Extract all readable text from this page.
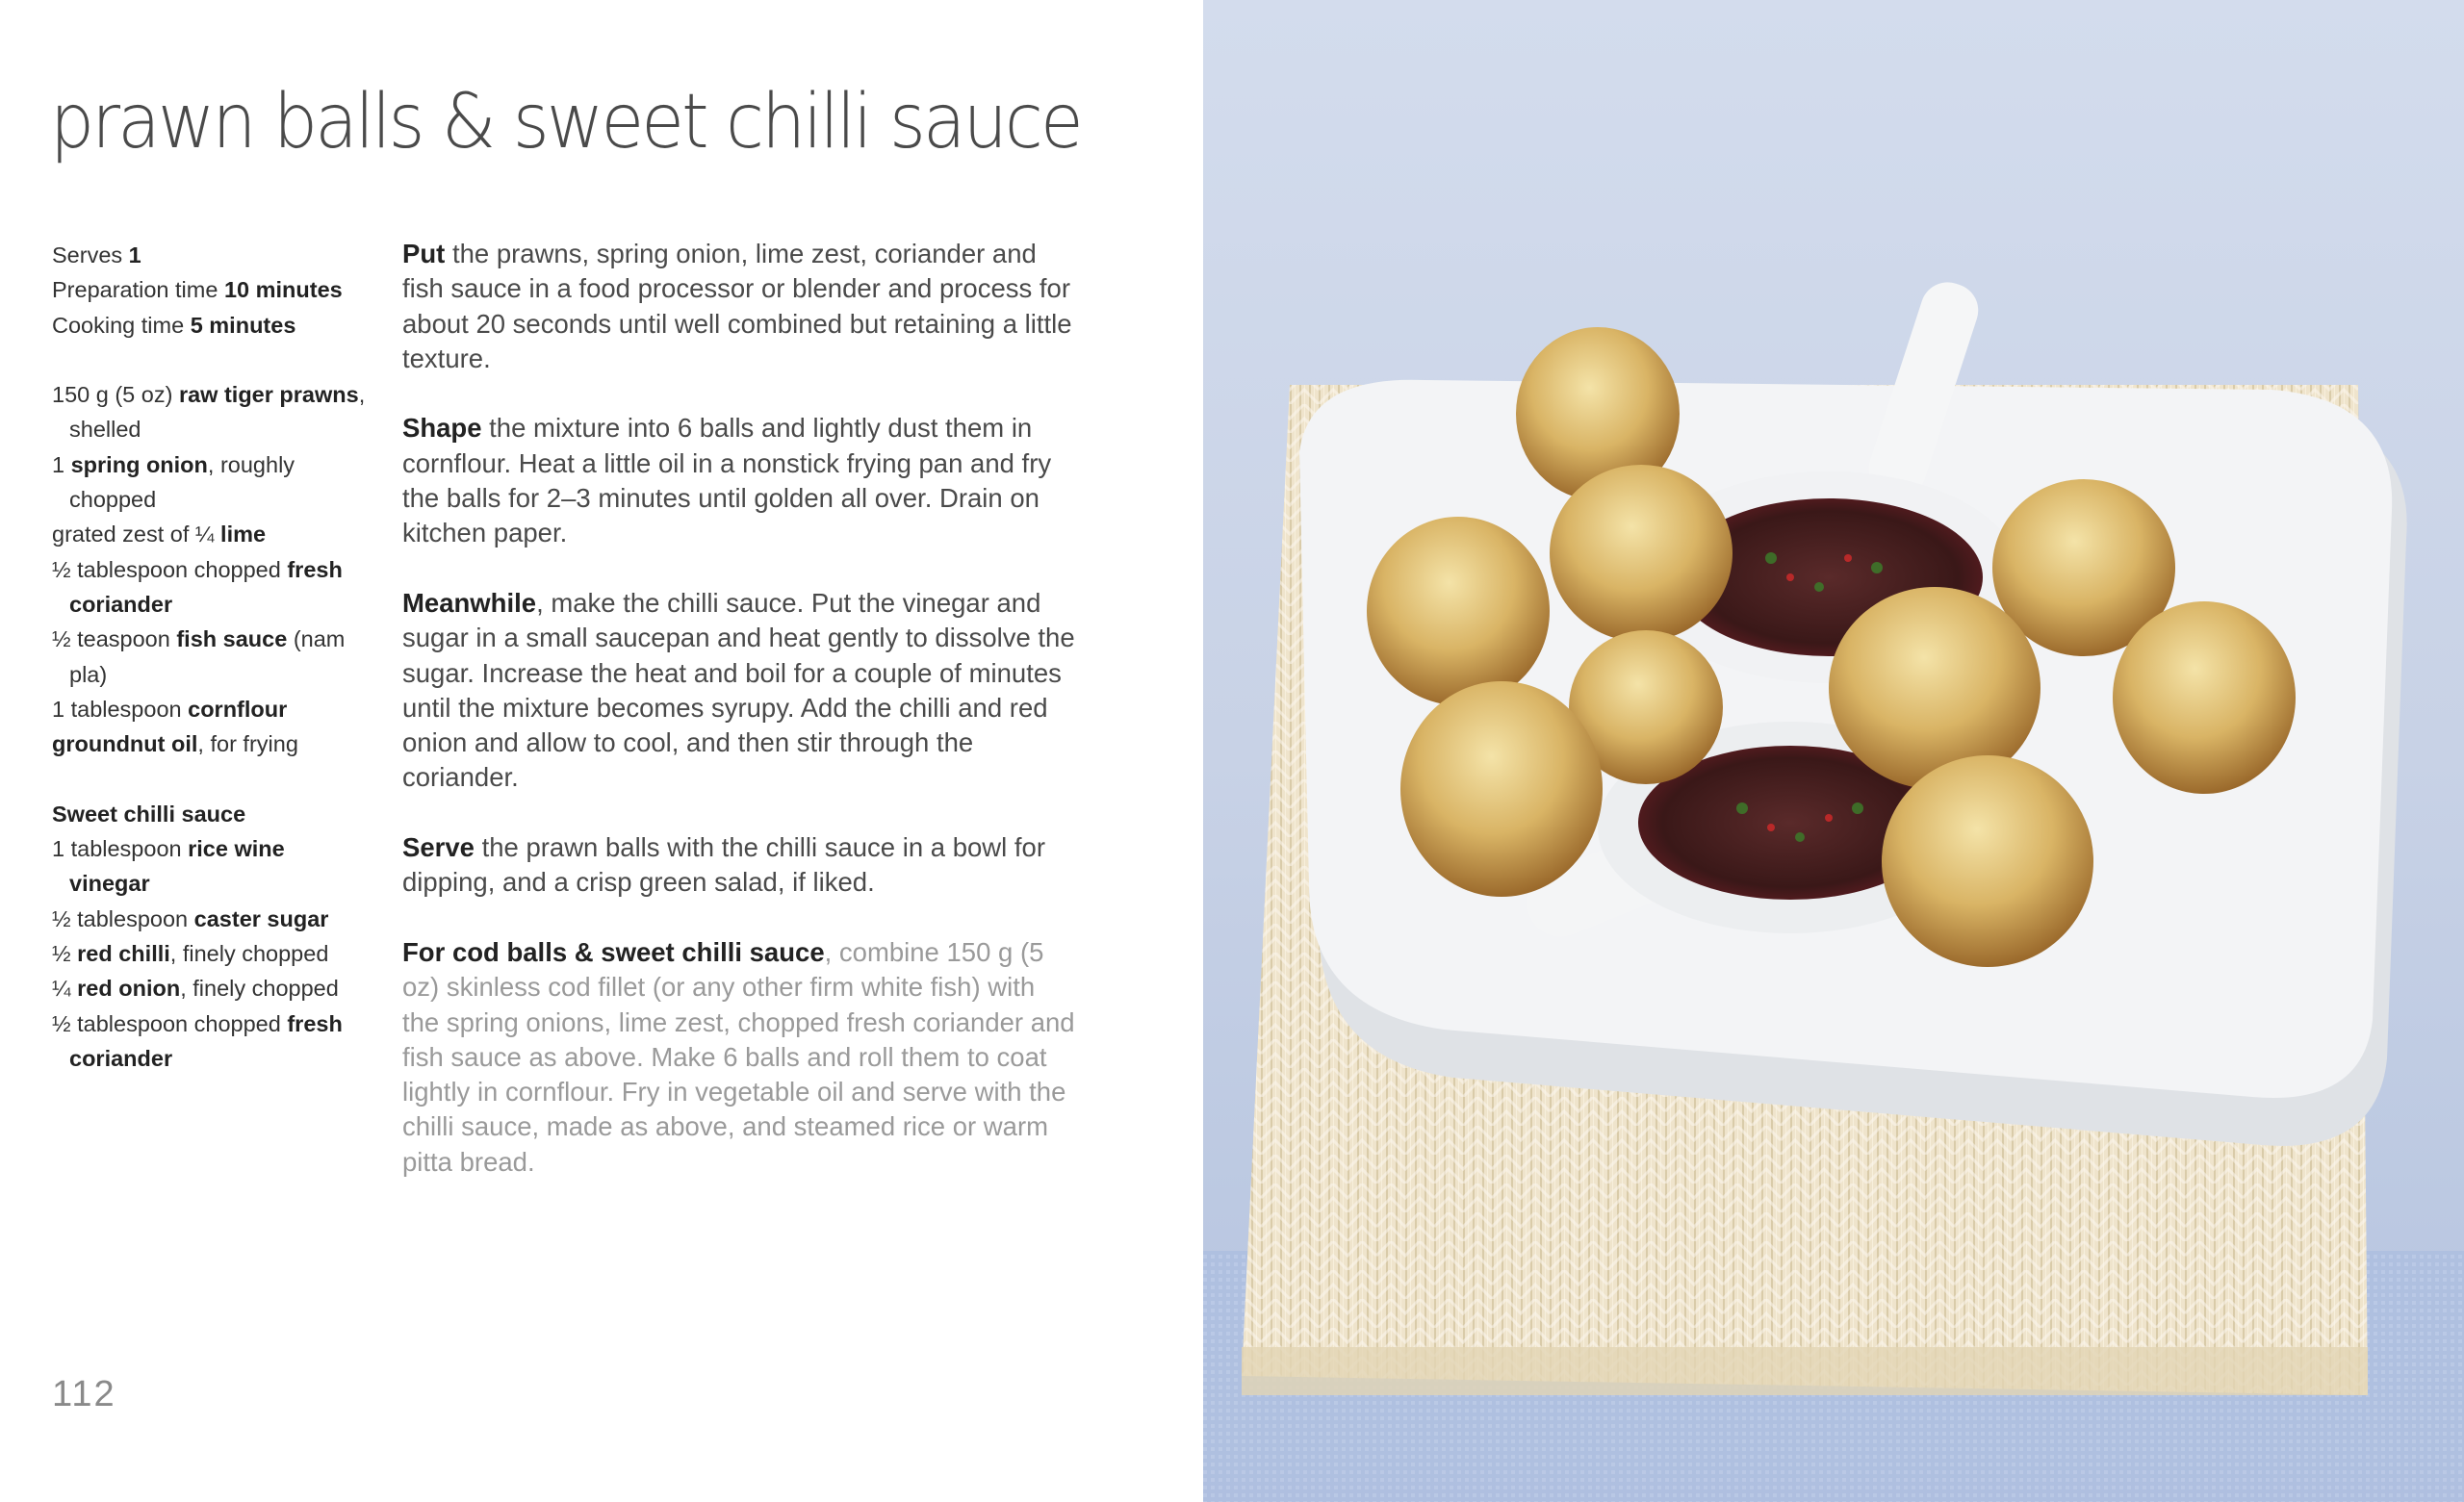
prawn balls & sweet chilli sauce
Serves 1
Preparation time 10 minutes
Cooking time 5 minutes
150 g (5 oz) raw tiger prawns, shelled
1 spring onion, roughly chopped
grated zest of ¼ lime
½ tablespoon chopped fresh coriander
½ teaspoon fish sauce (nam pla)
1 tablespoon cornflour
groundnut oil, for frying
Sweet chilli sauce
1 tablespoon rice wine vinegar
½ tablespoon caster sugar
½ red chilli, finely chopped
¼ red onion, finely chopped
½ tablespoon chopped fresh coriander

Put the prawns, spring onion, lime zest, coriander and fish sauce in a food processor or blender and process for about 20 seconds until well combined but retaining a little texture.

Shape the mixture into 6 balls and lightly dust them in cornflour. Heat a little oil in a nonstick frying pan and fry the balls for 2–3 minutes until golden all over. Drain on kitchen paper.

Meanwhile, make the chilli sauce. Put the vinegar and sugar in a small saucepan and heat gently to dissolve the sugar. Increase the heat and boil for a couple of minutes until the mixture becomes syrupy. Add the chilli and red onion and allow to cool, and then stir through the coriander.

Serve the prawn balls with the chilli sauce in a bowl for dipping, and a crisp green salad, if liked.

For cod balls & sweet chilli sauce, combine 150 g (5 oz) skinless cod fillet (or any other firm white fish) with the spring onions, lime zest, chopped fresh coriander and fish sauce as above. Make 6 balls and roll them to coat lightly in cornflour. Fry in vegetable oil and serve with the chilli sauce, made as above, and steamed rice or warm pitta bread.

112
